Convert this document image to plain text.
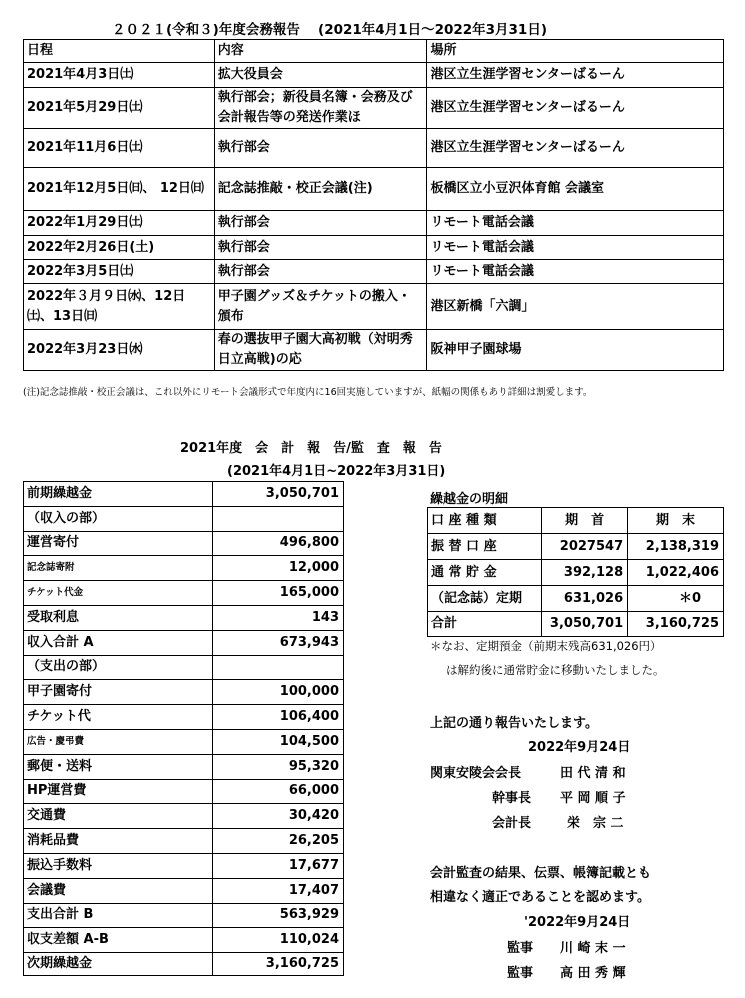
２０２１(令和３)年度会務報告　 (2021年4月1日～2022年3月31日)
日程	内容	場所
2021年4月3日㈯	拡大役員会	港区立生涯学習センターばるーん
2021年5月29日㈯	執行部会；新役員名簿・会務及び会計報告等の発送作業ほ	港区立生涯学習センターばるーん
2021年11月6日㈯	執行部会	港区立生涯学習センターばるーん
2021年12月5日㈰、 12日㈰	記念誌推敲・校正会議(注)	板橋区立小豆沢体育館 会議室
2022年1月29日㈯	執行部会	リモート電話会議
2022年2月26日(土)	執行部会	リモート電話会議
2022年3月5日㈯	執行部会	リモート電話会議
2022年３月９日㈬、12日㈯、13日㈰	甲子園グッズ＆チケットの搬入・頒布	港区新橋「六調」
2022年3月23日㈬	春の選抜甲子園大高初戦（対明秀日立高戦)の応	阪神甲子園球場
(注)記念誌推敲・校正会議は、これ以外にリモート会議形式で年度内に16回実施していますが、紙幅の関係もあり詳細は割愛します。
2021年度　会　計　報　告/監　査　報　告
(2021年4月1日~2022年3月31日)
前期繰越金	3,050,701
（収入の部）	
運営寄付	496,800
記念誌寄附	12,000
チケット代金	165,000
受取利息	143
収入合計 A	673,943
（支出の部）	
甲子園寄付	100,000
チケット代	106,400
広告・慶弔費	104,500
郵便・送料	95,320
HP運営費	66,000
交通費	30,420
消耗品費	26,205
振込手数料	17,677
会議費	17,407
支出合計 B	563,929
収支差額 A-B	110,024
次期繰越金	3,160,725
繰越金の明細
口 座 種 類	期　首	期　末
振 替 口 座	2027547	2,138,319
通 常 貯 金	392,128	1,022,406
（記念誌）定期	631,026	＊0
合計	3,050,701	3,160,725
＊なお、定期預金（前期末残高631,026円）
は解約後に通常貯金に移動いたしました。
上記の通り報告いたします。
2022年9月24日
関東安陵会会長	田 代 清 和
幹事長 平 岡 順 子
会計長	栄　宗 二
会計監査の結果、伝票、帳簿記載とも
相違なく適正であることを認めます。
'2022年9月24日
監事 川 崎 末 一
監事 高 田 秀 輝
